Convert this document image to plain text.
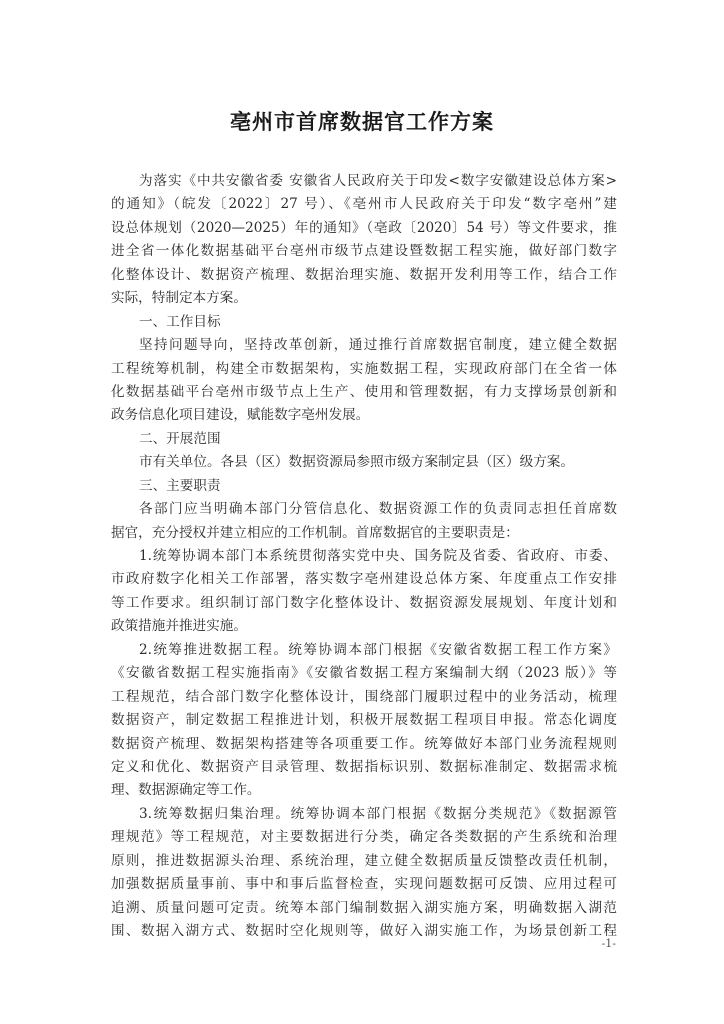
亳州市首席数据官工作方案
为落实《中共安徽省委 安徽省人民政府关于印发<数字安徽建设总体方案>
的通知》（皖发〔2022〕27 号）、《亳州市人民政府关于印发“数字亳州”建
设总体规划（2020—2025）年的通知》（亳政〔2020〕54 号）等文件要求，推
进全省一体化数据基础平台亳州市级节点建设暨数据工程实施，做好部门数字
化整体设计、数据资产梳理、数据治理实施、数据开发利用等工作，结合工作
实际，特制定本方案。
一、工作目标
坚持问题导向，坚持改革创新，通过推行首席数据官制度，建立健全数据
工程统筹机制，构建全市数据架构，实施数据工程，实现政府部门在全省一体
化数据基础平台亳州市级节点上生产、使用和管理数据，有力支撑场景创新和
政务信息化项目建设，赋能数字亳州发展。
二、开展范围
市有关单位。各县（区）数据资源局参照市级方案制定县（区）级方案。
三、主要职责
各部门应当明确本部门分管信息化、数据资源工作的负责同志担任首席数
据官，充分授权并建立相应的工作机制。首席数据官的主要职责是：
1.统筹协调本部门本系统贯彻落实党中央、国务院及省委、省政府、市委、
市政府数字化相关工作部署，落实数字亳州建设总体方案、年度重点工作安排
等工作要求。组织制订部门数字化整体设计、数据资源发展规划、年度计划和
政策措施并推进实施。
2.统筹推进数据工程。统筹协调本部门根据《安徽省数据工程工作方案》
《安徽省数据工程实施指南》《安徽省数据工程方案编制大纲（2023 版）》等
工程规范，结合部门数字化整体设计，围绕部门履职过程中的业务活动，梳理
数据资产，制定数据工程推进计划，积极开展数据工程项目申报。常态化调度
数据资产梳理、数据架构搭建等各项重要工作。统筹做好本部门业务流程规则
定义和优化、数据资产目录管理、数据指标识别、数据标准制定、数据需求梳
理、数据源确定等工作。
3.统筹数据归集治理。统筹协调本部门根据《数据分类规范》《数据源管
理规范》等工程规范，对主要数据进行分类，确定各类数据的产生系统和治理
原则，推进数据源头治理、系统治理，建立健全数据质量反馈整改责任机制，
加强数据质量事前、事中和事后监督检查，实现问题数据可反馈、应用过程可
追溯、质量问题可定责。统筹本部门编制数据入湖实施方案，明确数据入湖范
围、数据入湖方式、数据时空化规则等，做好入湖实施工作，为场景创新工程
-1-
